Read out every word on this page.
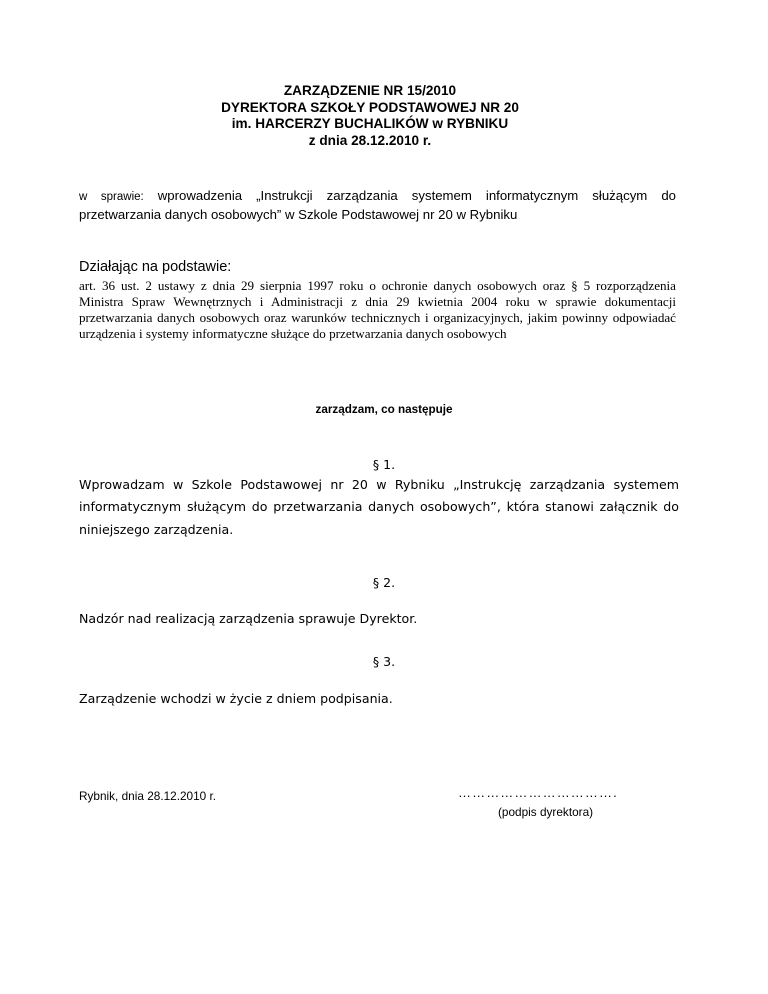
ZARZĄDZENIE NR 15/2010
DYREKTORA SZKOŁY PODSTAWOWEJ NR 20
im. HARCERZY BUCHALIKÓW w RYBNIKU
z dnia 28.12.2010 r.
w sprawie: wprowadzenia „Instrukcji zarządzania systemem informatycznym służącym do przetwarzania danych osobowych” w Szkole Podstawowej nr 20 w Rybniku
Działając na podstawie:
art. 36 ust. 2 ustawy z dnia 29 sierpnia 1997 roku o ochronie danych osobowych oraz § 5 rozporządzenia Ministra Spraw Wewnętrznych i Administracji z dnia 29 kwietnia 2004 roku w sprawie dokumentacji przetwarzania danych osobowych oraz warunków technicznych i organizacyjnych, jakim powinny odpowiadać urządzenia i systemy informatyczne służące do przetwarzania danych osobowych
zarządzam, co następuje
§ 1.
Wprowadzam w Szkole Podstawowej nr 20 w Rybniku „Instrukcję zarządzania systemem informatycznym służącym do przetwarzania danych osobowych”, która stanowi załącznik do niniejszego zarządzenia.
§ 2.
Nadzór nad realizacją zarządzenia sprawuje Dyrektor.
§ 3.
Zarządzenie wchodzi w życie z dniem podpisania.
Rybnik, dnia 28.12.2010 r.	…………………………….
(podpis dyrektora)
